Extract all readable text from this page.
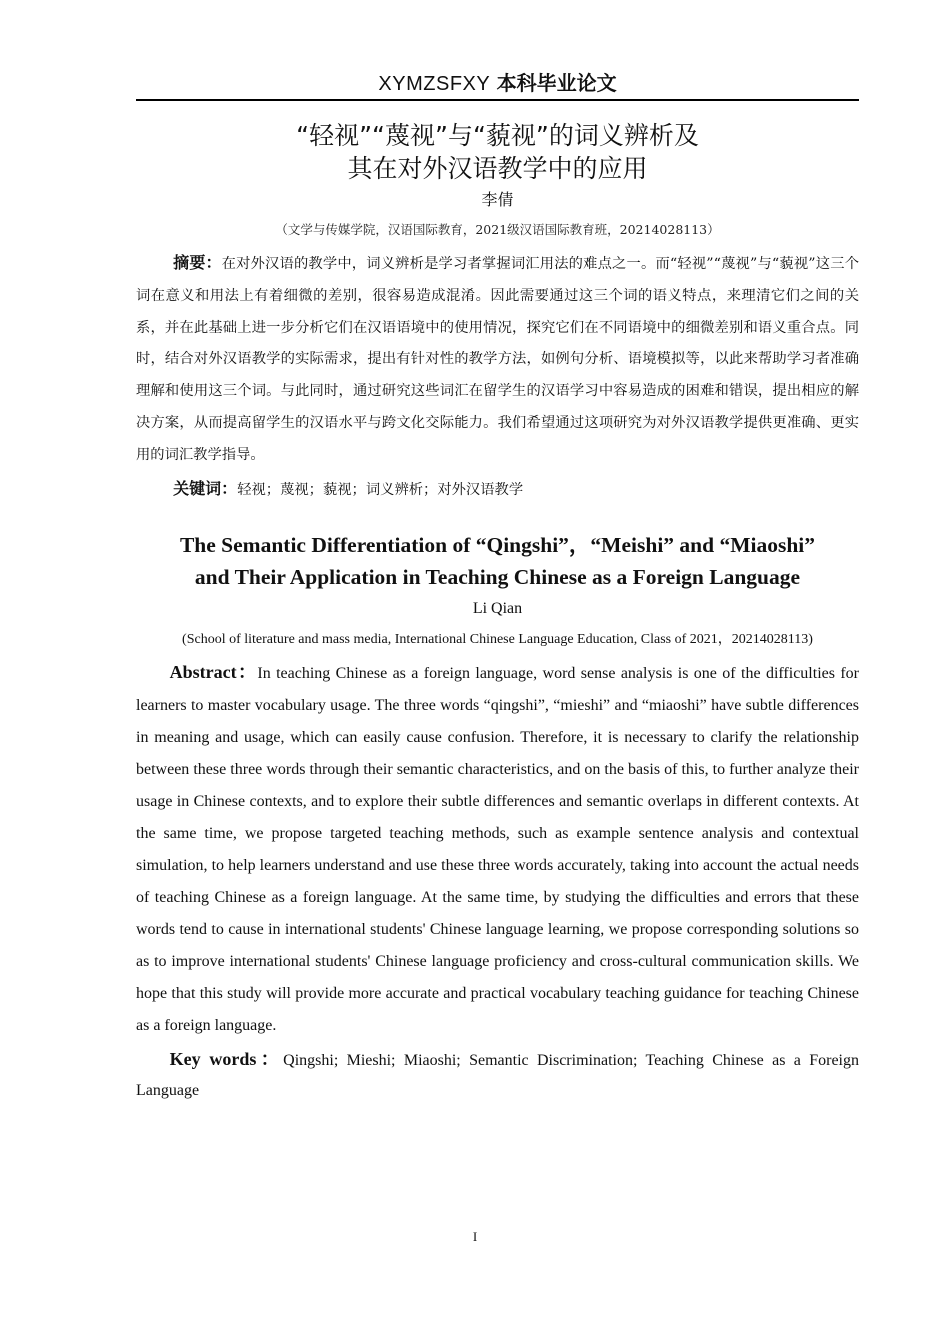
XYMZSFXY 本科毕业论文
“轻视”“蔑视”与“藐视”的词义辨析及
其在对外汉语教学中的应用
李倩
（文学与传媒学院，汉语国际教育，2021级汉语国际教育班，20214028113）
摘要：在对外汉语的教学中，词义辨析是学习者掌握词汇用法的难点之一。而“轻视”“蔑视”与“藐视”这三个词在意义和用法上有着细微的差别，很容易造成混淆。因此需要通过这三个词的语义特点，来理清它们之间的关系，并在此基础上进一步分析它们在汉语语境中的使用情况，探究它们在不同语境中的细微差别和语义重合点。同时，结合对外汉语教学的实际需求，提出有针对性的教学方法，如例句分析、语境模拟等，以此来帮助学习者准确理解和使用这三个词。与此同时，通过研究这些词汇在留学生的汉语学习中容易造成的困难和错误，提出相应的解决方案，从而提高留学生的汉语水平与跨文化交际能力。我们希望通过这项研究为对外汉语教学提供更准确、更实用的词汇教学指导。
关键词：轻视；蔑视；藐视；词义辨析；对外汉语教学
The Semantic Differentiation of “Qingshi”，“Meishi” and “Miaoshi”
and Their Application in Teaching Chinese as a Foreign Language
Li Qian
(School of literature and mass media, International Chinese Language Education, Class of 2021，20214028113)
Abstract：In teaching Chinese as a foreign language, word sense analysis is one of the difficulties for learners to master vocabulary usage. The three words “qingshi”, “mieshi” and “miaoshi” have subtle differences in meaning and usage, which can easily cause confusion. Therefore, it is necessary to clarify the relationship between these three words through their semantic characteristics, and on the basis of this, to further analyze their usage in Chinese contexts, and to explore their subtle differences and semantic overlaps in different contexts. At the same time, we propose targeted teaching methods, such as example sentence analysis and contextual simulation, to help learners understand and use these three words accurately, taking into account the actual needs of teaching Chinese as a foreign language. At the same time, by studying the difficulties and errors that these words tend to cause in international students' Chinese language learning, we propose corresponding solutions so as to improve international students' Chinese language proficiency and cross-cultural communication skills. We hope that this study will provide more accurate and practical vocabulary teaching guidance for teaching Chinese as a foreign language.
Key words：Qingshi; Mieshi; Miaoshi; Semantic Discrimination; Teaching Chinese as a Foreign Language
I
